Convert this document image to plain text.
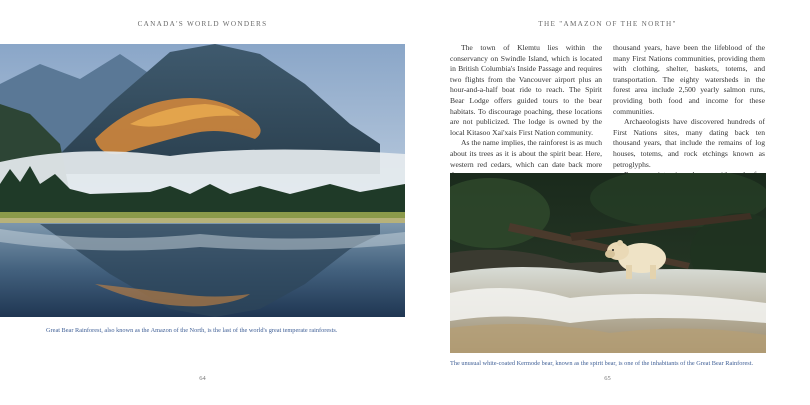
CANADA'S WORLD WONDERS
Great Bear Rainforest, also known as the Amazon of the North, is the last of the world's great temperate rainforests.
64
THE "AMAZON OF THE NORTH"
65

The town of Klemtu lies within the conservancy on Swindle Island, which is located in British Columbia's Inside Passage and requires two flights from the Vancouver airport plus an hour-and-a-half boat ride to reach. The Spirit Bear Lodge offers guided tours to the bear habitats. To discourage poaching, these locations are not publicized. The lodge is owned by the local Kitasoo Xai'xais First Nation community.

As the name implies, the rainforest is as much about its trees as it is about the spirit bear. Here, western red cedars, which can date back more

thousand years, have been the lifeblood of the many First Nations communities, providing them with clothing, shelter, baskets, totems, and transportation. The eighty watersheds in the forest area include 2,500 yearly salmon runs, providing both food and income for these communities.

Archaeologists have discovered hundreds of First Nations sites, many dating back ten thousand years, that include the remains of log houses, totems, and rock etchings known as petroglyphs.

The unusual white-coated Kermode bear, known as the spirit bear, is one of the inhabitants of the Great Bear Rainforest.
